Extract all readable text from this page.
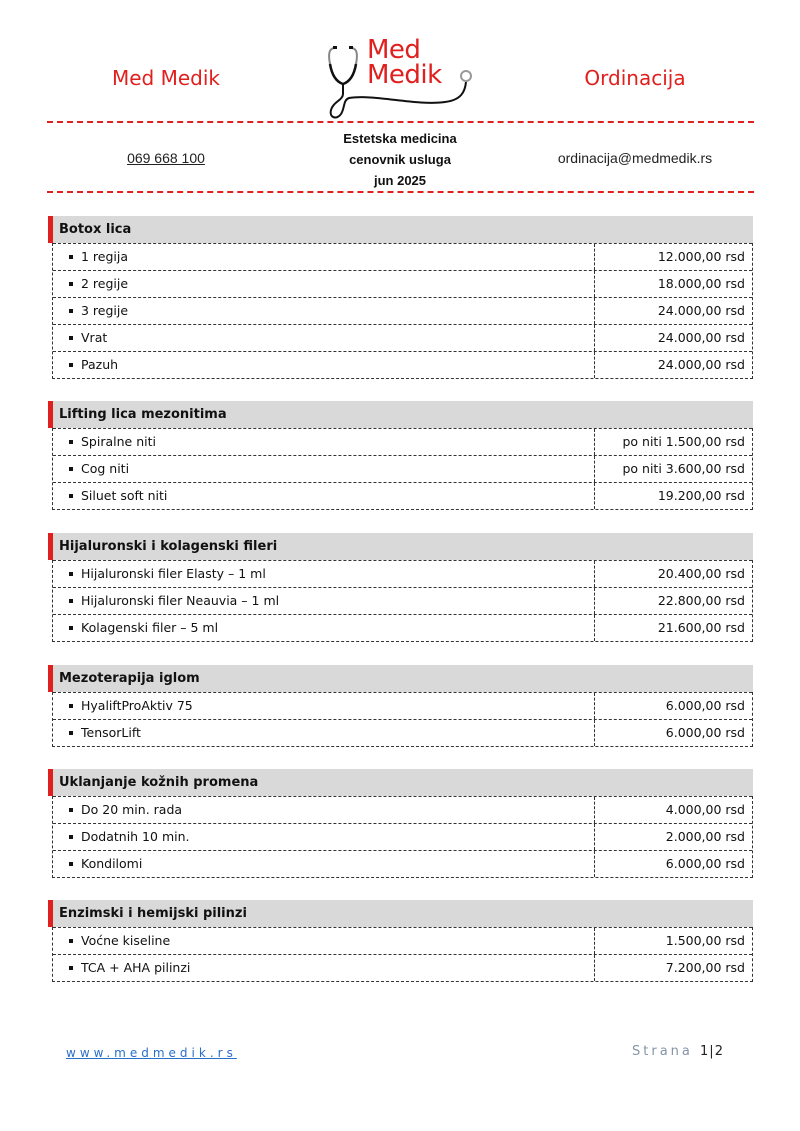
Med Medik
Med
Medik	Ordinacija
069 668 100
Estetska medicina
cenovnik usluga
jun 2025
ordinacija@medmedik.rs
Botox lica
1 regija	12.000,00 rsd
2 regije	18.000,00 rsd
3 regije	24.000,00 rsd
Vrat	24.000,00 rsd
Pazuh	24.000,00 rsd
Lifting lica mezonitima
Spiralne niti	po niti 1.500,00 rsd
Cog niti	po niti 3.600,00 rsd
Siluet soft niti	19.200,00 rsd
Hijaluronski i kolagenski fileri
Hijaluronski filer Elasty – 1 ml	20.400,00 rsd
Hijaluronski filer Neauvia – 1 ml	22.800,00 rsd
Kolagenski filer – 5 ml	21.600,00 rsd
Mezoterapija iglom
HyaliftProAktiv 75	6.000,00 rsd
TensorLift	6.000,00 rsd
Uklanjanje kožnih promena
Do 20 min. rada	4.000,00 rsd
Dodatnih 10 min.	2.000,00 rsd
Kondilomi	6.000,00 rsd
Enzimski i hemijski pilinzi
Voćne kiseline	1.500,00 rsd
TCA + AHA pilinzi	7.200,00 rsd
www.medmedik.rs	Strana 1|2
